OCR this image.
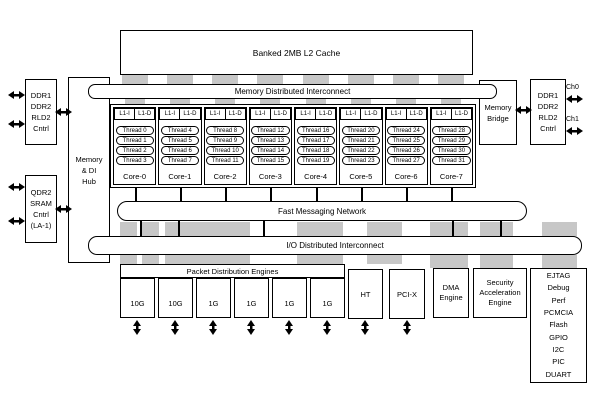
Banked 2MB L2 Cache
Memory Distributed Interconnect
Fast Messaging Network
I/O Distributed Interconnect
L1-I	L1-D
Thread 0
Thread 1
Thread 2
Thread 3
Core-0
L1-I	L1-D
Thread 4
Thread 5
Thread 6
Thread 7
Core-1
L1-I	L1-D
Thread 8
Thread 9
Thread 10
Thread 11
Core-2
L1-I	L1-D
Thread 12
Thread 13
Thread 14
Thread 15
Core-3
L1-I	L1-D
Thread 16
Thread 17
Thread 18
Thread 19
Core-4
L1-I	L1-D
Thread 20
Thread 21
Thread 22
Thread 23
Core-5
L1-I	L1-D
Thread 24
Thread 25
Thread 26
Thread 27
Core-6
L1-I	L1-D
Thread 28
Thread 29
Thread 30
Thread 31
Core-7
Packet Distribution Engines
HT	PCI-X
DMA
Engine
Security
Acceleration
Engine
EJTAG
Debug
Perf
PCMCIA
Flash
GPIO
I2C
PIC
DUART
DDR1
DDR2
RLD2
Cntrl
QDR2
SRAM
Cntrl
(LA-1)
Memory
& DI
Hub
Memory
Bridge
DDR1
DDR2
RLD2
Cntrl
Ch0
Ch1
10G	10G	1G	1G	1G	1G
